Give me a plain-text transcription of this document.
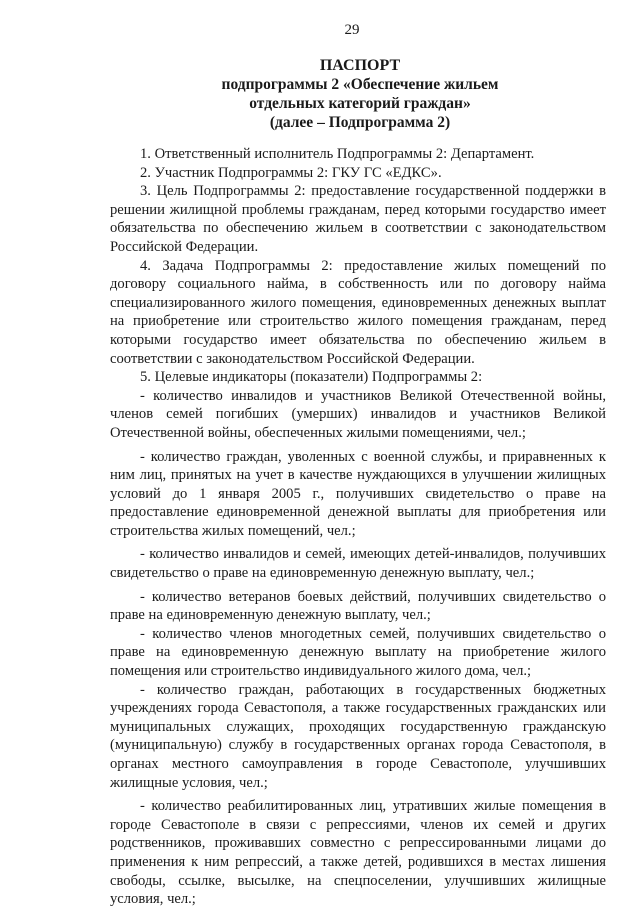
29
ПАСПОРТ
подпрограммы 2 «Обеспечение жильем
отдельных категорий граждан»
(далее – Подпрограмма 2)

1. Ответственный исполнитель Подпрограммы 2: Департамент.

2. Участник Подпрограммы 2: ГКУ ГС «ЕДКС».

3. Цель Подпрограммы 2: предоставление государственной поддержки в решении жилищной проблемы гражданам, перед которыми государство имеет обязательства по обеспечению жильем в соответствии с законодательством Российской Федерации.

4. Задача Подпрограммы 2: предоставление жилых помещений по договору социального найма, в собственность или по договору найма специализированного жилого помещения, единовременных денежных выплат на приобретение или строительство жилого помещения гражданам, перед которыми государство имеет обязательства по обеспечению жильем в соответствии с законодательством Российской Федерации.

5. Целевые индикаторы (показатели) Подпрограммы 2:

- количество инвалидов и участников Великой Отечественной войны, членов семей погибших (умерших) инвалидов и участников Великой Отечественной войны, обеспеченных жилыми помещениями, чел.;

- количество граждан, уволенных с военной службы, и приравненных к ним лиц, принятых на учет в качестве нуждающихся в улучшении жилищных условий до 1 января 2005 г., получивших свидетельство о праве на предоставление единовременной денежной выплаты для приобретения или строительства жилых помещений, чел.;

- количество инвалидов и семей, имеющих детей-инвалидов, получивших свидетельство о праве на единовременную денежную выплату, чел.;

- количество ветеранов боевых действий, получивших свидетельство о праве на единовременную денежную выплату, чел.;

- количество членов многодетных семей, получивших свидетельство о праве на единовременную денежную выплату на приобретение жилого помещения или строительство индивидуального жилого дома, чел.;

- количество граждан, работающих в государственных бюджетных учреждениях города Севастополя, а также государственных гражданских или муниципальных служащих, проходящих государственную гражданскую (муниципальную) службу в государственных органах города Севастополя, в органах местного самоуправления в городе Севастополе, улучшивших жилищные условия, чел.;

- количество реабилитированных лиц, утративших жилые помещения в городе Севастополе в связи с репрессиями, членов их семей и других родственников, проживавших совместно с репрессированными лицами до применения к ним репрессий, а также детей, родившихся в местах лишения свободы, ссылке, высылке, на спецпоселении, улучшивших жилищные условия, чел.;
